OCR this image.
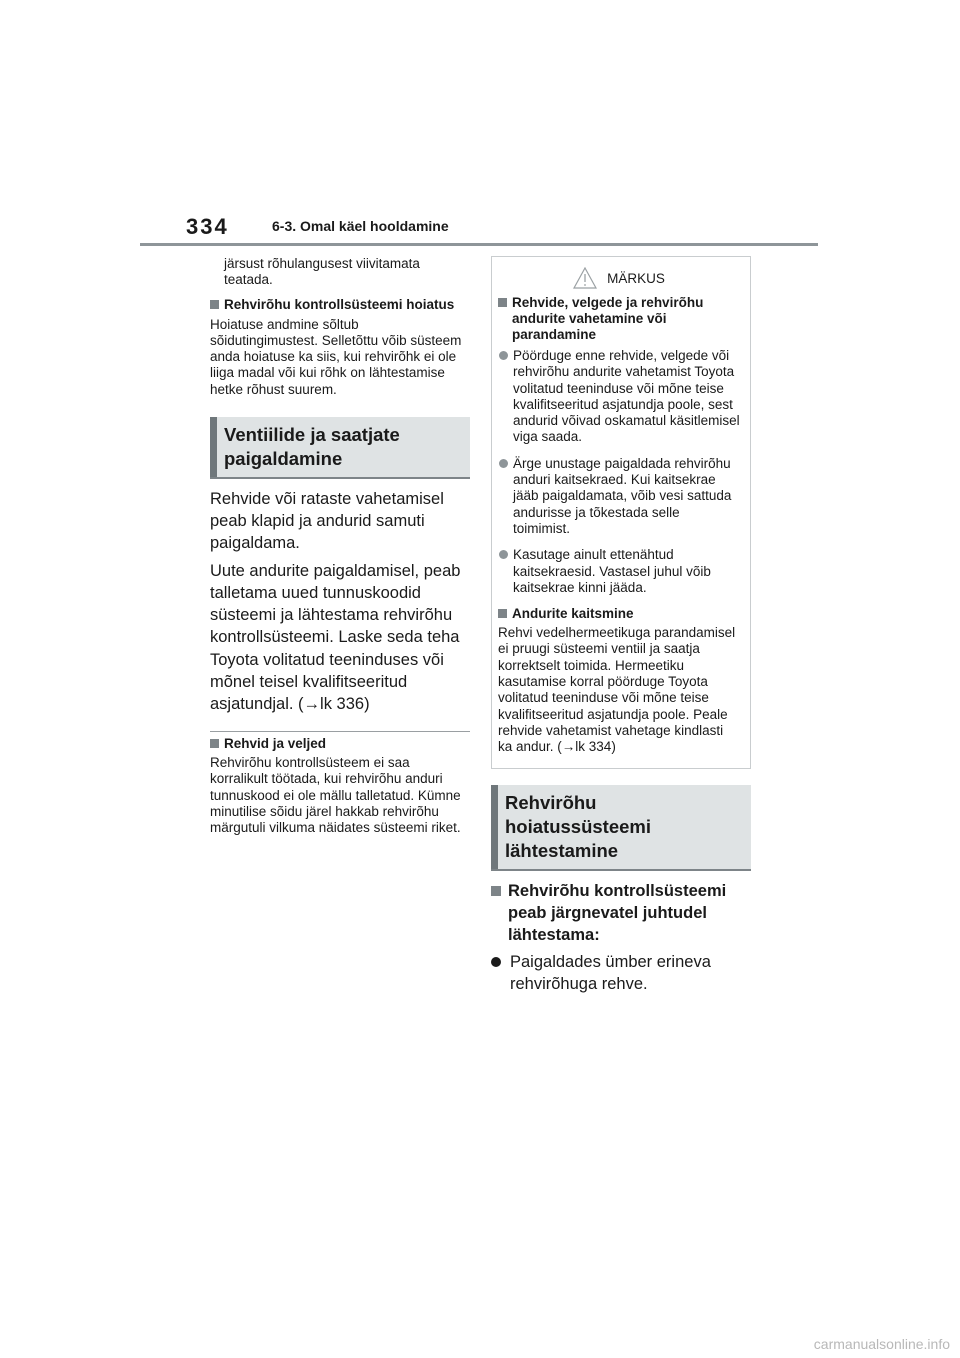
334	6-3. Omal käel hooldamine

järsust rõhulangusest viivitamata teatada.

Rehvirõhu kontrollsüsteemi hoiatus

Hoiatuse andmine sõltub sõidutingimustest. Selletõttu võib süsteem anda hoiatuse ka siis, kui rehvirõhk ei ole liiga madal või kui rõhk on lähtestamise hetke rõhust suurem.

Ventiilide ja saatjate paigaldamine

Rehvide või rataste vahetamisel peab klapid ja andurid samuti paigaldama.

Uute andurite paigaldamisel, peab talletama uued tunnuskoodid süsteemi ja lähtestama rehvirõhu kontrollsüsteemi. Laske seda teha Toyota volitatud teeninduses või mõnel teisel kvalifitseeritud asjatundjal. (→lk 336)

Rehvid ja veljed

Rehvirõhu kontrollsüsteem ei saa korralikult töötada, kui rehvirõhu anduri tunnuskood ei ole mällu talletatud. Kümne minutilise sõidu järel hakkab rehvirõhu märgutuli vilkuma näidates süsteemi riket.

MÄRKUS

Rehvide, velgede ja rehvirõhu andurite vahetamine või parandamine

Pöörduge enne rehvide, velgede või rehvirõhu andurite vahetamist Toyota volitatud teeninduse või mõne teise kvalifitseeritud asjatundja poole, sest andurid võivad oskamatul käsitlemisel viga saada.

Ärge unustage paigaldada rehvirõhu anduri kaitsekraed. Kui kaitsekrae jääb paigaldamata, võib vesi sattuda andurisse ja tõkestada selle toimimist.

Kasutage ainult ettenähtud kaitsekraesid. Vastasel juhul võib kaitsekrae kinni jääda.

Andurite kaitsmine

Rehvi vedelhermeetikuga parandamisel ei pruugi süsteemi ventiil ja saatja korrektselt toimida. Hermeetiku kasutamise korral pöörduge Toyota volitatud teeninduse või mõne teise kvalifitseeritud asjatundja poole. Peale rehvide vahetamist vahetage kindlasti ka andur. (→lk 334)

Rehvirõhu hoiatussüsteemi lähtestamine

Rehvirõhu kontrollsüsteemi peab järgnevatel juhtudel lähtestama:

Paigaldades ümber erineva rehvirõhuga rehve.

carmanualsonline.info
